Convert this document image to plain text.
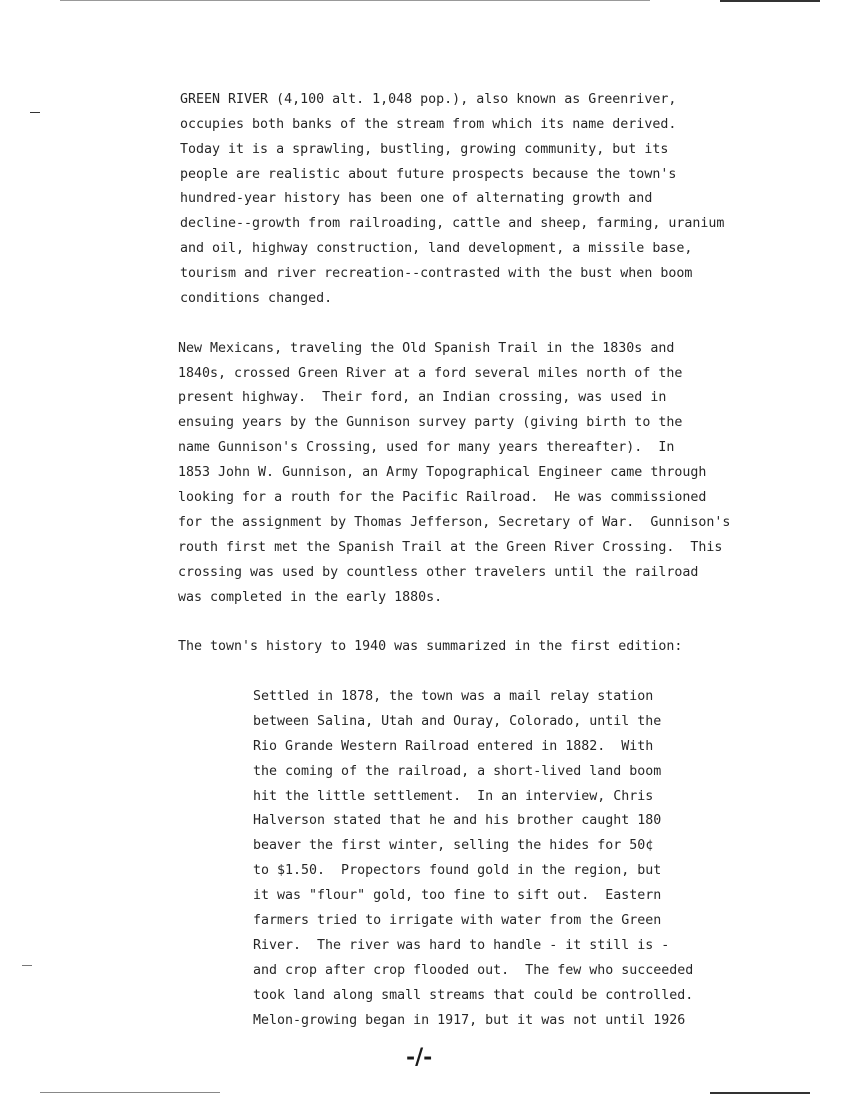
GREEN RIVER (4,100 alt. 1,048 pop.), also known as Greenriver,
occupies both banks of the stream from which its name derived.
Today it is a sprawling, bustling, growing community, but its
people are realistic about future prospects because the town's
hundred-year history has been one of alternating growth and
decline--growth from railroading, cattle and sheep, farming, uranium
and oil, highway construction, land development, a missile base,
tourism and river recreation--contrasted with the bust when boom
conditions changed.
New Mexicans, traveling the Old Spanish Trail in the 1830s and
1840s, crossed Green River at a ford several miles north of the
present highway.  Their ford, an Indian crossing, was used in
ensuing years by the Gunnison survey party (giving birth to the
name Gunnison's Crossing, used for many years thereafter).  In
1853 John W. Gunnison, an Army Topographical Engineer came through
looking for a routh for the Pacific Railroad.  He was commissioned
for the assignment by Thomas Jefferson, Secretary of War.  Gunnison's
routh first met the Spanish Trail at the Green River Crossing.  This
crossing was used by countless other travelers until the railroad
was completed in the early 1880s.
The town's history to 1940 was summarized in the first edition:
Settled in 1878, the town was a mail relay station
between Salina, Utah and Ouray, Colorado, until the
Rio Grande Western Railroad entered in 1882.  With
the coming of the railroad, a short-lived land boom
hit the little settlement.  In an interview, Chris
Halverson stated that he and his brother caught 180
beaver the first winter, selling the hides for 50¢
to $1.50.  Propectors found gold in the region, but
it was "flour" gold, too fine to sift out.  Eastern
farmers tried to irrigate with water from the Green
River.  The river was hard to handle - it still is -
and crop after crop flooded out.  The few who succeeded
took land along small streams that could be controlled.
Melon-growing began in 1917, but it was not until 1926
-/-
